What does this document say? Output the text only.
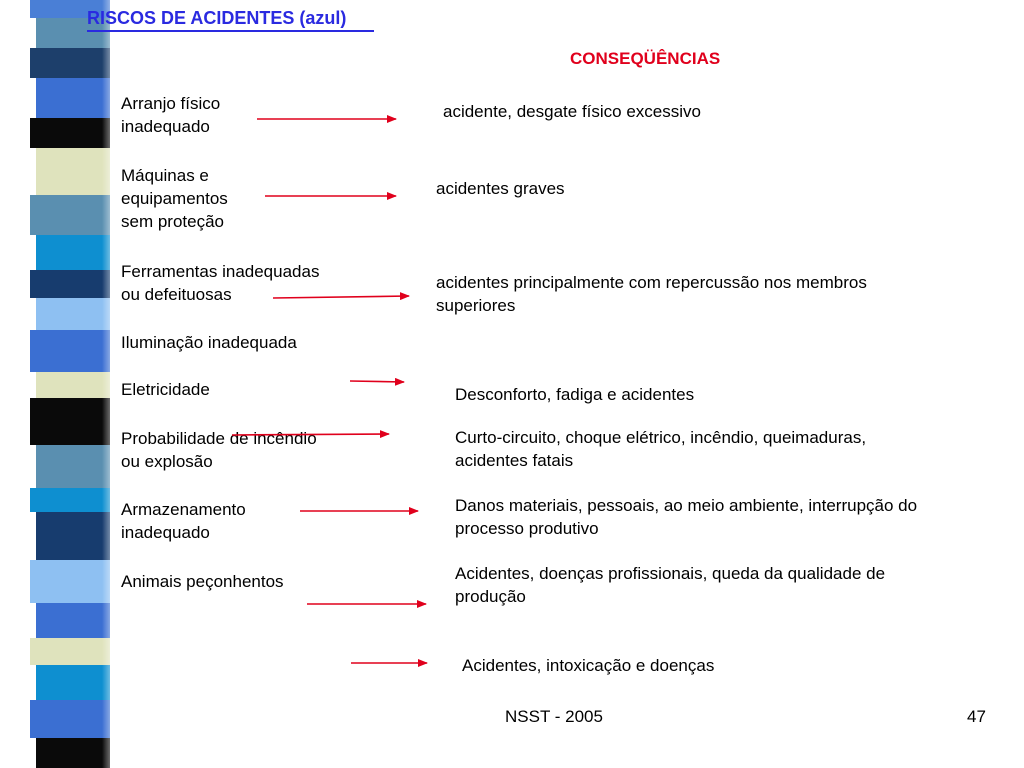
RISCOS DE ACIDENTES (azul)
CONSEQÜÊNCIAS
Arranjo físico
inadequado
Máquinas e
equipamentos
sem proteção
Ferramentas inadequadas
ou defeituosas
Iluminação inadequada
Eletricidade
Probabilidade de incêndio
ou explosão
Armazenamento
inadequado
Animais peçonhentos
acidente, desgate físico excessivo
acidentes graves
acidentes principalmente com repercussão nos membros
superiores
Desconforto, fadiga e acidentes
Curto-circuito, choque elétrico, incêndio, queimaduras,
acidentes fatais
Danos materiais, pessoais, ao meio ambiente, interrupção do
processo produtivo
Acidentes, doenças profissionais, queda da qualidade de
produção
Acidentes, intoxicação e doenças
NSST - 2005	47
